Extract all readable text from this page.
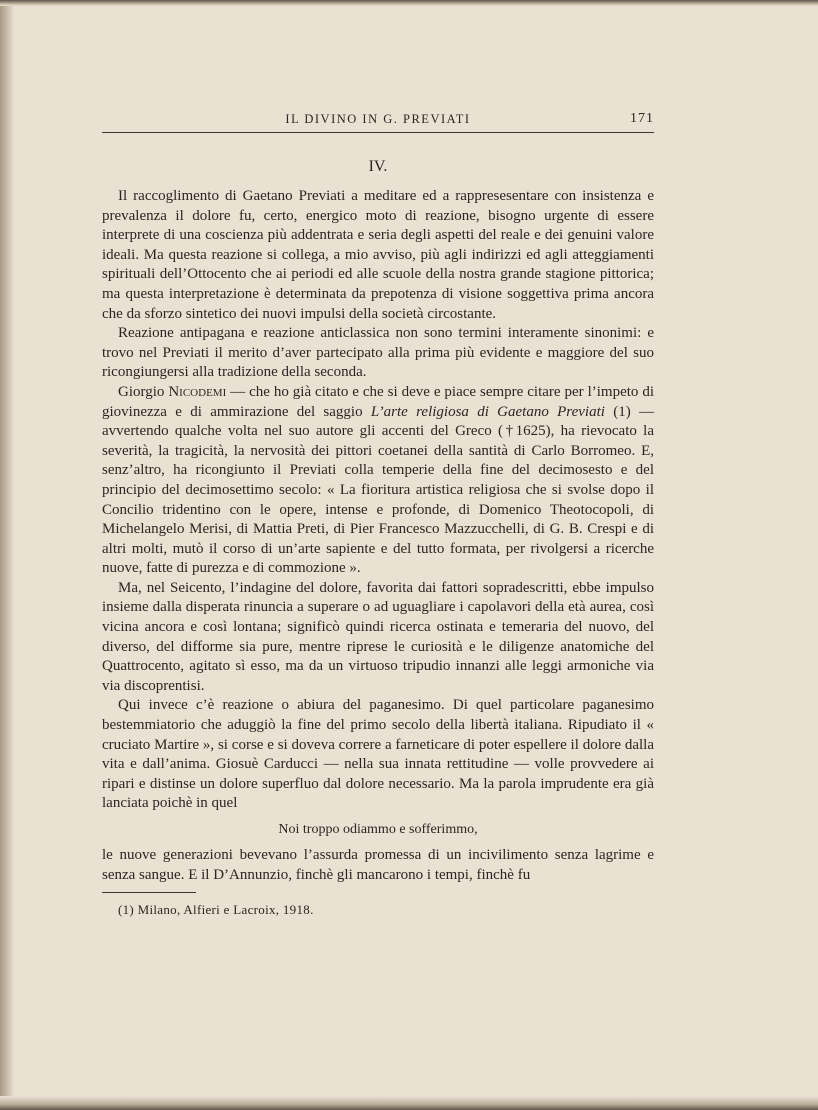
IL DIVINO IN G. PREVIATI	171
IV.

Il raccoglimento di Gaetano Previati a meditare ed a rappresesentare con insistenza e prevalenza il dolore fu, certo, energico moto di reazione, bisogno urgente di essere interprete di una coscienza più addentrata e seria degli aspetti del reale e dei genuini valore ideali. Ma questa reazione si collega, a mio avviso, più agli indirizzi ed agli atteggiamenti spirituali dell’Ottocento che ai periodi ed alle scuole della nostra grande stagione pittorica; ma questa interpretazione è determinata da prepotenza di visione soggettiva prima ancora che da sforzo sintetico dei nuovi impulsi della società circostante.

Reazione antipagana e reazione anticlassica non sono termini interamente sinonimi: e trovo nel Previati il merito d’aver partecipato alla prima più evidente e maggiore del suo ricongiungersi alla tradizione della seconda.

Giorgio Nicodemi — che ho già citato e che si deve e piace sempre citare per l’impeto di giovinezza e di ammirazione del saggio L’arte religiosa di Gaetano Previati (1) — avvertendo qualche volta nel suo autore gli accenti del Greco (†1625), ha rievocato la severità, la tragicità, la nervosità dei pittori coetanei della santità di Carlo Borromeo. E, senz’altro, ha ricongiunto il Previati colla temperie della fine del decimosesto e del principio del decimosettimo secolo: « La fioritura artistica religiosa che si svolse dopo il Concilio tridentino con le opere, intense e profonde, di Domenico Theotocopoli, di Michelangelo Merisi, di Mattia Preti, di Pier Francesco Mazzucchelli, di G. B. Crespi e di altri molti, mutò il corso di un’arte sapiente e del tutto formata, per rivolgersi a ricerche nuove, fatte di purezza e di commozione ».

Ma, nel Seicento, l’indagine del dolore, favorita dai fattori sopradescritti, ebbe impulso insieme dalla disperata rinuncia a superare o ad uguagliare i capolavori della età aurea, così vicina ancora e così lontana; significò quindi ricerca ostinata e temeraria del nuovo, del diverso, del difforme sia pure, mentre riprese le curiosità e le diligenze anatomiche del Quattrocento, agitato sì esso, ma da un virtuoso tripudio innanzi alle leggi armoniche via via discoprentisi.

Qui invece c’è reazione o abiura del paganesimo. Di quel particolare paganesimo bestemmiatorio che aduggiò la fine del primo secolo della libertà italiana. Ripudiato il « cruciato Martire », si corse e si doveva correre a farneticare di poter espellere il dolore dalla vita e dall’anima. Giosuè Carducci — nella sua innata rettitudine — volle provvedere ai ripari e distinse un dolore superfluo dal dolore necessario. Ma la parola imprudente era già lanciata poichè in quel

Noi troppo odiammo e sofferimmo,

le nuove generazioni bevevano l’assurda promessa di un incivilimento senza lagrime e senza sangue. E il D’Annunzio, finchè gli mancarono i tempi, finchè fu

(1) Milano, Alfieri e Lacroix, 1918.
